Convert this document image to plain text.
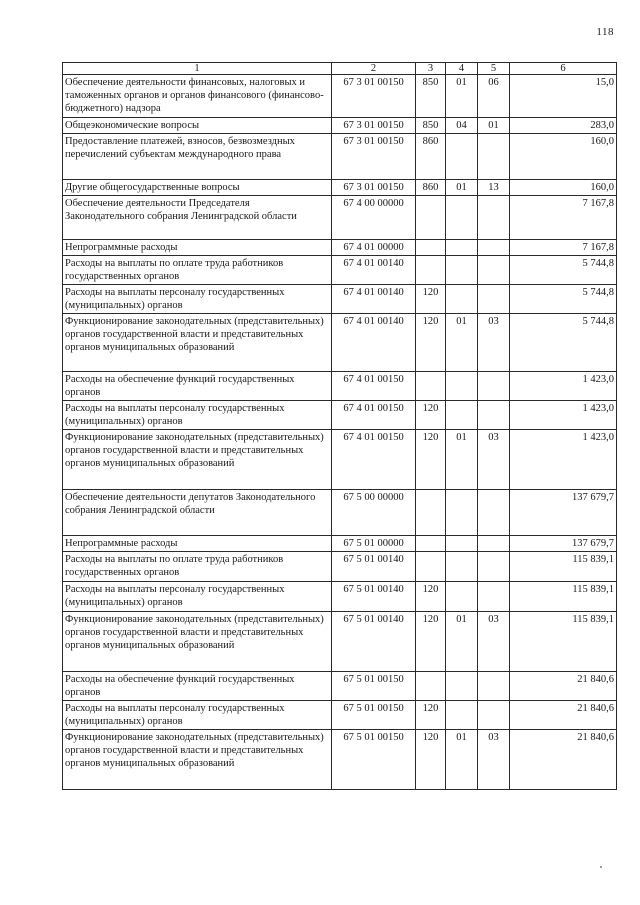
118
1	2	3	4	5	6
Обеспечение деятельности финансовых, налоговых и таможенных органов и органов финансового (финансово-бюджетного) надзора	67 3 01 00150	850	01	06	15,0
Общеэкономические вопросы	67 3 01 00150	850	04	01	283,0
Предоставление платежей, взносов, безвозмездных перечислений субъектам международного права	67 3 01 00150	860			160,0
Другие общегосударственные вопросы	67 3 01 00150	860	01	13	160,0
Обеспечение деятельности Председателя Законодательного собрания Ленинградской области	67 4 00 00000				7 167,8
Непрограммные расходы	67 4 01 00000				7 167,8
Расходы на выплаты по оплате труда работников государственных органов	67 4 01 00140				5 744,8
Расходы на выплаты персоналу государственных (муниципальных) органов	67 4 01 00140	120			5 744,8
Функционирование законодательных (представительных) органов государственной власти и представительных органов муниципальных образований	67 4 01 00140	120	01	03	5 744,8
Расходы на обеспечение функций государственных органов	67 4 01 00150				1 423,0
Расходы на выплаты персоналу государственных (муниципальных) органов	67 4 01 00150	120			1 423,0
Функционирование законодательных (представительных) органов государственной власти и представительных органов муниципальных образований	67 4 01 00150	120	01	03	1 423,0
Обеспечение деятельности депутатов Законодательного собрания Ленинградской области	67 5 00 00000				137 679,7
Непрограммные расходы	67 5 01 00000				137 679,7
Расходы на выплаты по оплате труда работников государственных органов	67 5 01 00140				115 839,1
Расходы на выплаты персоналу государственных (муниципальных) органов	67 5 01 00140	120			115 839,1
Функционирование законодательных (представительных) органов государственной власти и представительных органов муниципальных образований	67 5 01 00140	120	01	03	115 839,1
Расходы на обеспечение функций государственных органов	67 5 01 00150				21 840,6
Расходы на выплаты персоналу государственных (муниципальных) органов	67 5 01 00150	120			21 840,6
Функционирование законодательных (представительных) органов государственной власти и представительных органов муниципальных образований	67 5 01 00150	120	01	03	21 840,6
